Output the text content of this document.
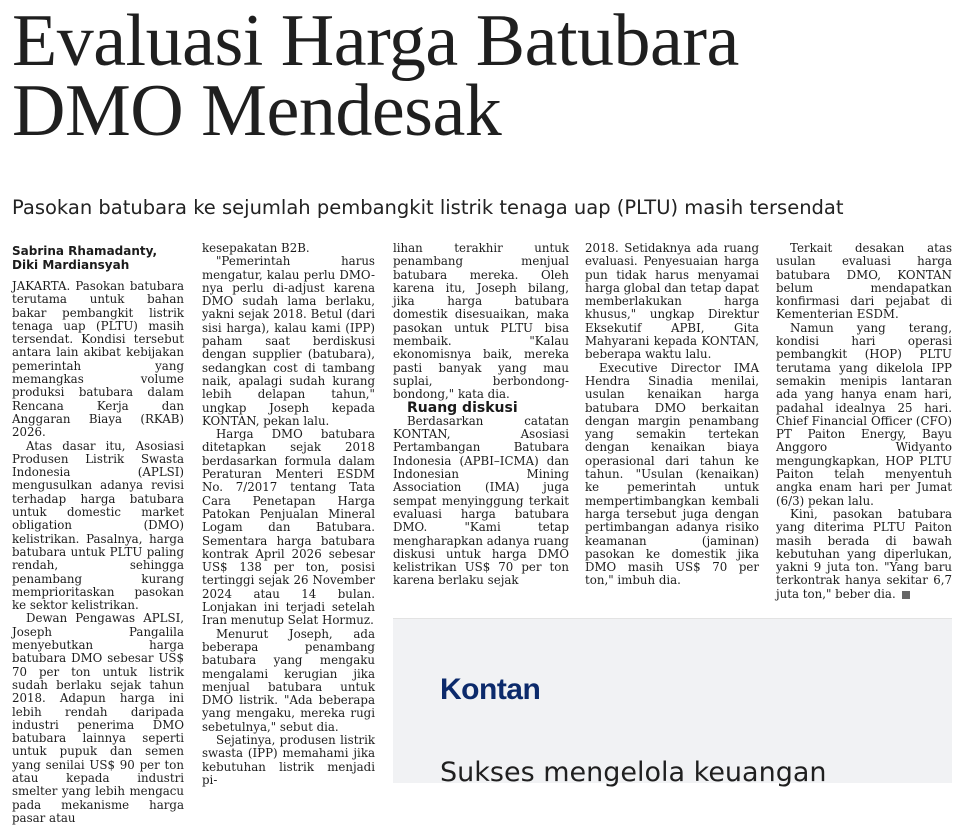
Evaluasi Harga Batubara
DMO Mendesak

Pasokan batubara ke sejumlah pembangkit listrik tenaga uap (PLTU) masih tersendat

Sabrina Rhamadanty,
Diki Mardiansyah

JAKARTA. Pasokan batubara terutama untuk bahan bakar pembangkit listrik tenaga uap (PLTU) masih tersendat. Kondisi tersebut antara lain akibat kebijakan pemerintah yang memangkas volume produksi batubara dalam Rencana Kerja dan Anggaran Biaya (RKAB) 2026.

Atas dasar itu, Asosiasi Produsen Listrik Swasta Indonesia (APLSI) mengusulkan adanya revisi terhadap harga batubara untuk domestic market obligation (DMO) kelistrikan. Pasalnya, harga batubara untuk PLTU paling rendah, sehingga penambang kurang memprioritaskan pasokan ke sektor kelistrikan.

Dewan Pengawas APLSI, Joseph Pangalila menyebutkan harga batubara DMO sebesar US$ 70 per ton untuk listrik sudah berlaku sejak tahun 2018. Adapun harga ini lebih rendah daripada industri penerima DMO batubara lainnya seperti untuk pupuk dan semen yang senilai US$ 90 per ton atau kepada industri smelter yang lebih mengacu pada mekanisme harga pasar atau

kesepakatan B2B.

"Pemerintah harus mengatur, kalau perlu DMO-nya perlu di-adjust karena DMO sudah lama berlaku, yakni sejak 2018. Betul (dari sisi harga), kalau kami (IPP) paham saat berdiskusi dengan supplier (batubara), sedangkan cost di tambang naik, apalagi sudah kurang lebih delapan tahun," ungkap Joseph kepada KONTAN, pekan lalu.

Harga DMO batubara ditetapkan sejak 2018 berdasarkan formula dalam Peraturan Menteri ESDM No. 7/2017 tentang Tata Cara Penetapan Harga Patokan Penjualan Mineral Logam dan Batubara. Sementara harga batubara kontrak April 2026 sebesar US$ 138 per ton, posisi tertinggi sejak 26 November 2024 atau 14 bulan. Lonjakan ini terjadi setelah Iran menutup Selat Hormuz.

Menurut Joseph, ada beberapa penambang batubara yang mengaku mengalami kerugian jika menjual batubara untuk DMO listrik. "Ada beberapa yang mengaku, mereka rugi sebetulnya," sebut dia.

Sejatinya, produsen listrik swasta (IPP) memahami jika kebutuhan listrik menjadi pi-

lihan terakhir untuk penambang menjual batubara mereka. Oleh karena itu, Joseph bilang, jika harga batubara domestik disesuaikan, maka pasokan untuk PLTU bisa membaik. "Kalau ekonomisnya baik, mereka pasti banyak yang mau suplai, berbondong-bondong," kata dia.

Ruang diskusi

Berdasarkan catatan KONTAN, Asosiasi Pertambangan Batubara Indonesia (APBI–ICMA) dan Indonesian Mining Association (IMA) juga sempat menyinggung terkait evaluasi harga batubara DMO. "Kami tetap mengharapkan adanya ruang diskusi untuk harga DMO kelistrikan US$ 70 per ton karena berlaku sejak

2018. Setidaknya ada ruang evaluasi. Penyesuaian harga pun tidak harus menyamai harga global dan tetap dapat memberlakukan harga khusus," ungkap Direktur Eksekutif APBI, Gita Mahyarani kepada KONTAN, beberapa waktu lalu.

Executive Director IMA Hendra Sinadia menilai, usulan kenaikan harga batubara DMO berkaitan dengan margin penambang yang semakin tertekan dengan kenaikan biaya operasional dari tahun ke tahun. "Usulan (kenaikan) ke pemerintah untuk mempertimbangkan kembali harga tersebut juga dengan pertimbangan adanya risiko keamanan (jaminan) pasokan ke domestik jika DMO masih US$ 70 per ton," imbuh dia.

Terkait desakan atas usulan evaluasi harga batubara DMO, KONTAN belum mendapatkan konfirmasi dari pejabat di Kementerian ESDM.

Namun yang terang, kondisi hari operasi pembangkit (HOP) PLTU terutama yang dikelola IPP semakin menipis lantaran ada yang hanya enam hari, padahal idealnya 25 hari. Chief Financial Officer (CFO) PT Paiton Energy, Bayu Anggoro Widyanto mengungkapkan, HOP PLTU Paiton telah menyentuh angka enam hari per Jumat (6/3) pekan lalu.

Kini, pasokan batubara yang diterima PLTU Paiton masih berada di bawah kebutuhan yang diperlukan, yakni 9 juta ton. "Yang baru terkontrak hanya sekitar 6,7 juta ton," beber dia.

Kontan
Sukses mengelola keuangan
